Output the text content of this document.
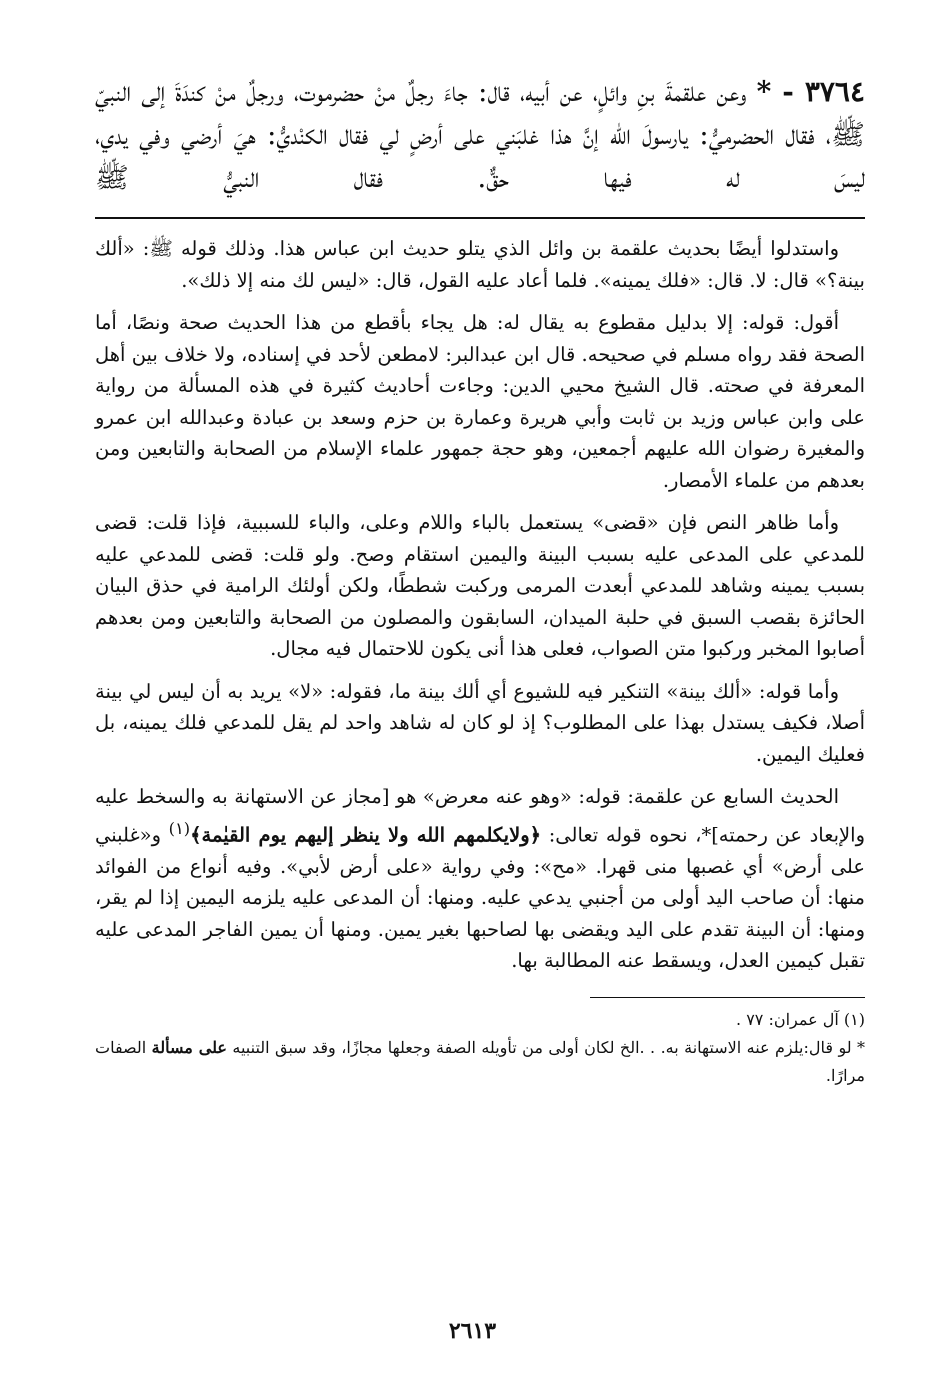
٣٧٦٤ - * وعن علقمةَ بنِ وائلٍ، عن أبيه، قال: جاءَ رجلٌ منْ حضرموت، ورجلٌ منْ كندَةَ إلى النبيّ ﷺ، فقال الحضرميُّ: يارسولَ الله إنَّ هذا غلبَني على أرضٍ لي فقال الكنْديُّ: هيَ أرضي وفي يدي، ليسَ له فيها حقٌّ. فقال النبيُّ ﷺ

واستدلوا أيضًا بحديث علقمة بن وائل الذي يتلو حديث ابن عباس هذا. وذلك قوله ﷺ: «ألك بينة؟» قال: لا. قال: «فلك يمينه». فلما أعاد عليه القول، قال: «ليس لك منه إلا ذلك».

أقول: قوله: إلا بدليل مقطوع به يقال له: هل يجاء بأقطع من هذا الحديث صحة ونصًا، أما الصحة فقد رواه مسلم في صحيحه. قال ابن عبدالبر: لامطعن لأحد في إسناده، ولا خلاف بين أهل المعرفة في صحته. قال الشيخ محيي الدين: وجاءت أحاديث كثيرة في هذه المسألة من رواية على وابن عباس وزيد بن ثابت وأبي هريرة وعمارة بن حزم وسعد بن عبادة وعبدالله ابن عمرو والمغيرة رضوان الله عليهم أجمعين، وهو حجة جمهور علماء الإسلام من الصحابة والتابعين ومن بعدهم من علماء الأمصار.

وأما ظاهر النص فإن «قضى» يستعمل بالباء واللام وعلى، والباء للسببية، فإذا قلت: قضى للمدعي على المدعى عليه بسبب البينة واليمين استقام وصح. ولو قلت: قضى للمدعي عليه بسبب يمينه وشاهد للمدعي أبعدت المرمى وركبت شططًا، ولكن أولئك الرامية في حذق البيان الحائزة بقصب السبق في حلبة الميدان، السابقون والمصلون من الصحابة والتابعين ومن بعدهم أصابوا المخبر وركبوا متن الصواب، فعلى هذا أنى يكون للاحتمال فيه مجال.

وأما قوله: «ألك بينة» التنكير فيه للشيوع أي ألك بينة ما، فقوله: «لا» يريد به أن ليس لي بينة أصلا، فكيف يستدل بهذا على المطلوب؟ إذ لو كان له شاهد واحد لم يقل للمدعي فلك يمينه، بل فعليك اليمين.

الحديث السابع عن علقمة: قوله: «وهو عنه معرض» هو [مجاز عن الاستهانة به والسخط عليه والإبعاد عن رحمته]*، نحوه قوله تعالى: ﴿ولايكلمهم الله ولا ينظر إليهم يوم القيٰمة﴾$^{(١)}$ و«غلبني على أرض» أي غصبها منى قهرا. «مح»: وفي رواية «على أرض لأبي». وفيه أنواع من الفوائد منها: أن صاحب اليد أولى من أجنبي يدعي عليه. ومنها: أن المدعى عليه يلزمه اليمين إذا لم يقر، ومنها: أن البينة تقدم على اليد ويقضى بها لصاحبها بغير يمين. ومنها أن يمين الفاجر المدعى عليه تقبل كيمين العدل، ويسقط عنه المطالبة بها.

(١) آل عمران: ٧٧ .

* لو قال:يلزم عنه الاستهانة به. . .الخ لكان أولى من تأويله الصفة وجعلها مجازًا، وقد سبق التنبيه على مسألة الصفات مرارًا.

٢٦١٣
